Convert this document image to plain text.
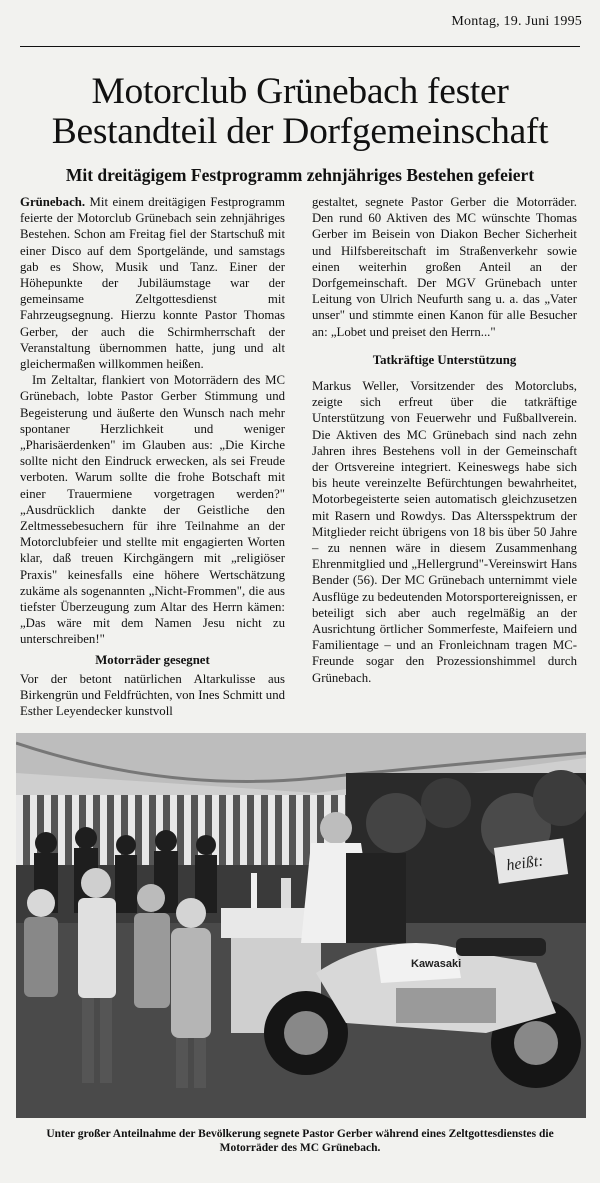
Montag, 19. Juni 1995
Motorclub Grünebach fester
Bestandteil der Dorfgemeinschaft
Mit dreitägigem Festprogramm zehnjähriges Bestehen gefeiert

Grünebach. Mit einem dreitägigen Festprogramm feierte der Motorclub Grünebach sein zehnjähriges Bestehen. Schon am Freitag fiel der Startschuß mit einer Disco auf dem Sportgelände, und samstags gab es Show, Musik und Tanz. Einer der Höhepunkte der Jubiläumstage war der gemeinsame Zeltgottesdienst mit Fahrzeugsegnung. Hierzu konnte Pastor Thomas Gerber, der auch die Schirmherrschaft der Veranstaltung übernommen hatte, jung und alt gleichermaßen willkommen heißen.

Im Zeltaltar, flankiert von Motorrädern des MC Grünebach, lobte Pastor Gerber Stimmung und Begeisterung und äußerte den Wunsch nach mehr spontaner Herzlichkeit und weniger „Pharisäerdenken" im Glauben aus: „Die Kirche sollte nicht den Eindruck erwecken, als sei Freude verboten. Warum sollte die frohe Botschaft mit einer Trauermiene vorgetragen werden?" „Ausdrücklich dankte der Geistliche den Zeltmessebesuchern für ihre Teilnahme an der Motorclubfeier und stellte mit engagierten Worten klar, daß treuen Kirchgängern mit „religiöser Praxis" keinesfalls eine höhere Wertschätzung zukäme als sogenannten „Nicht-Frommen", die aus tiefster Überzeugung zum Altar des Herrn kämen: „Das wäre mit dem Namen Jesu nicht zu unterschreiben!"

Motorräder gesegnet

Vor der betont natürlichen Altarkulisse aus Birkengrün und Feldfrüchten, von Ines Schmitt und Esther Leyendecker kunstvoll

gestaltet, segnete Pastor Gerber die Motorräder. Den rund 60 Aktiven des MC wünschte Thomas Gerber im Beisein von Diakon Becher Sicherheit und Hilfsbereitschaft im Straßenverkehr sowie einen weiterhin großen Anteil an der Dorfgemeinschaft. Der MGV Grünebach unter Leitung von Ulrich Neufurth sang u. a. das „Vater unser" und stimmte einen Kanon für alle Besucher an: „Lobet und preiset den Herrn..."

Tatkräftige Unterstützung

Markus Weller, Vorsitzender des Motorclubs, zeigte sich erfreut über die tatkräftige Unterstützung von Feuerwehr und Fußballverein. Die Aktiven des MC Grünebach sind nach zehn Jahren ihres Bestehens voll in der Gemeinschaft der Ortsvereine integriert. Keineswegs habe sich bis heute vereinzelte Befürchtungen bewahrheitet, Motorbegeisterte seien automatisch gleichzusetzen mit Rasern und Rowdys. Das Altersspektrum der Mitglieder reicht übrigens von 18 bis über 50 Jahre – zu nennen wäre in diesem Zusammenhang Ehrenmitglied und „Hellergrund"-Vereinswirt Hans Bender (56). Der MC Grünebach unternimmt viele Ausflüge zu bedeutenden Motorsportereignissen, er beteiligt sich aber auch regelmäßig an der Ausrichtung örtlicher Sommerfeste, Maifeiern und Familientage – und an Fronleichnam tragen MC-Freunde sogar den Prozessionshimmel durch Grünebach.

heißt:
Kawasaki
Unter großer Anteilnahme der Bevölkerung segnete Pastor Gerber während eines Zeltgottesdienstes die
Motorräder des MC Grünebach.
